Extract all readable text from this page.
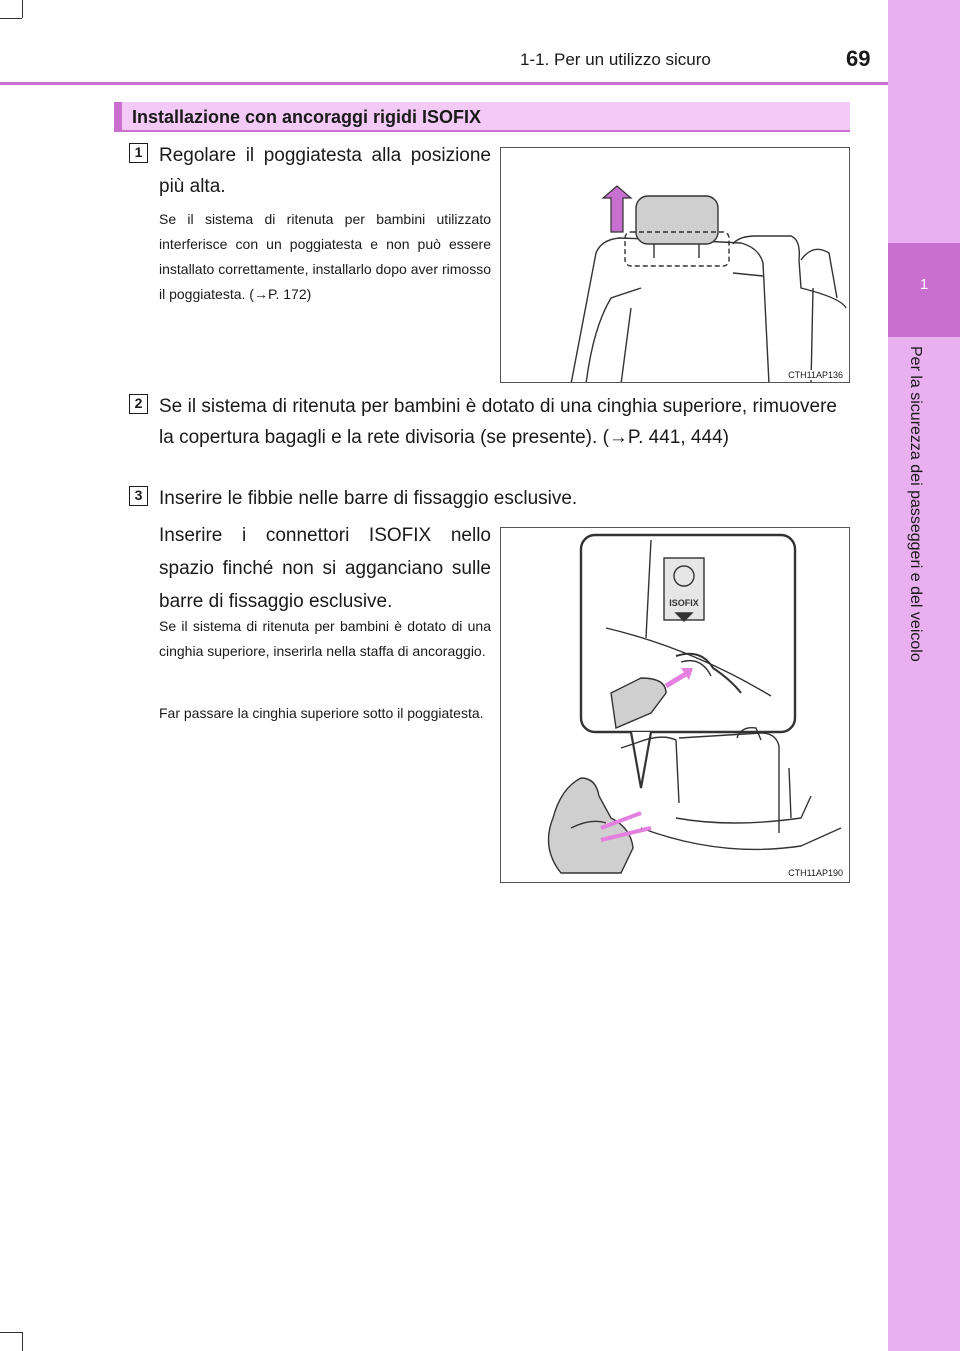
1
Per la sicurezza dei passeggeri e del veicolo
1-1. Per un utilizzo sicuro	69
Installazione con ancoraggi rigidi ISOFIX
1 Regolare il poggiatesta alla posizione più alta.
Se il sistema di ritenuta per bambini utilizzato interferisce con un poggiatesta e non può essere installato correttamente, installarlo dopo aver rimosso il poggiatesta. (→P. 172)
CTH11AP136
2 Se il sistema di ritenuta per bambini è dotato di una cinghia superiore, rimuovere la copertura bagagli e la rete divisoria (se presente). (→P. 441, 444)
3 Inserire le fibbie nelle barre di fissaggio esclusive.
Inserire i connettori ISOFIX nello spazio finché non si agganciano sulle barre di fissaggio esclusive.
Se il sistema di ritenuta per bambini è dotato di una cinghia superiore, inserirla nella staffa di ancoraggio.
Far passare la cinghia superiore sotto il poggiatesta.
ISOFIX
CTH11AP190
